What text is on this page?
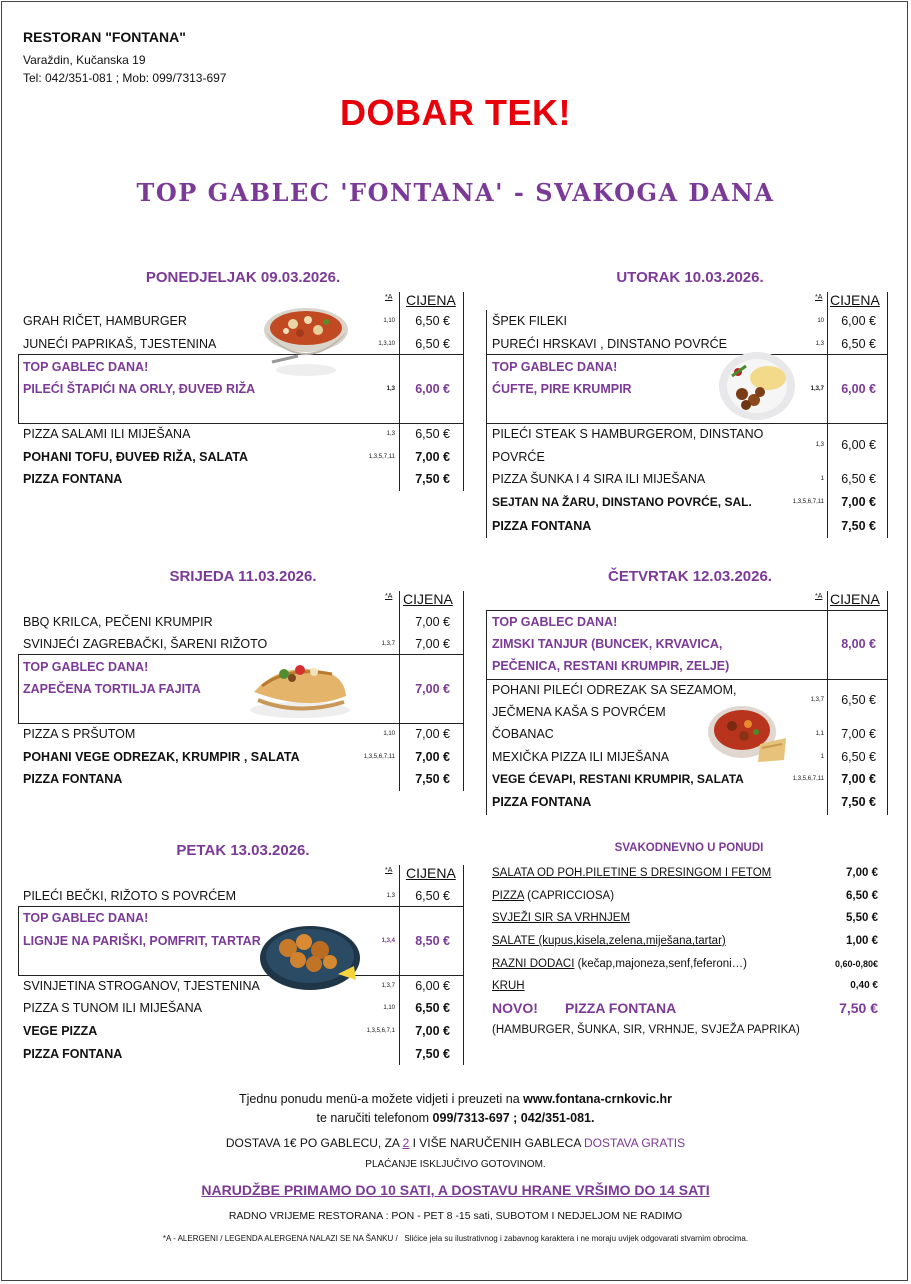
RESTORAN "FONTANA"
Varaždin, Kučanska 19
Tel: 042/351-081 ; Mob: 099/7313-697
DOBAR TEK!
TOP GABLEC 'FONTANA' - SVAKOGA DANA
PONEDJELJAK 09.03.2026.
*A CIJENA
GRAH RIČET, HAMBURGER	1,10 6,50 €
JUNEĆI PAPRIKAŠ, TJESTENINA	1,3,10 6,50 €
TOP GABLEC DANA!
PILEĆI ŠTAPIĆI NA ORLY, ĐUVEĐ RIŽA	1,3 6,00 €
PIZZA SALAMI ILI MIJEŠANA	1,3 6,50 €
POHANI TOFU, ĐUVEĐ RIŽA, SALATA	1,3,5,7,11 7,00 €
PIZZA FONTANA	7,50 €
UTORAK 10.03.2026.
*A CIJENA
ŠPEK FILEKI	10 6,00 €
PUREĆI HRSKAVI , DINSTANO POVRĆE	1,3 6,50 €
TOP GABLEC DANA!
ĆUFTE, PIRE KRUMPIR	1,3,7 6,00 €
PILEĆI STEAK S HAMBURGEROM, DINSTANO
POVRĆE
1,3 6,00 €
PIZZA ŠUNKA I 4 SIRA ILI MIJEŠANA	1 6,50 €
SEJTAN NA ŽARU, DINSTANO POVRĆE, SAL.	1,3,5,6,7,11 7,00 €
PIZZA FONTANA	7,50 €
SRIJEDA 11.03.2026.
*A CIJENA
BBQ KRILCA, PEČENI KRUMPIR	7,00 €
SVINJEĆI ZAGREBAČKI, ŠARENI RIŽOTO	1,3,7 7,00 €
TOP GABLEC DANA!
ZAPEČENA TORTILJA FAJITA	7,00 €
PIZZA S PRŠUTOM	1,10 7,00 €
POHANI VEGE ODREZAK, KRUMPIR , SALATA	1,3,5,6,7,11 7,00 €
PIZZA FONTANA	7,50 €
ČETVRTAK 12.03.2026.
*A CIJENA
TOP GABLEC DANA!
ZIMSKI TANJUR (BUNCEK, KRVAVICA,
PEČENICA, RESTANI KRUMPIR, ZELJE)
8,00 €
POHANI PILEĆI ODREZAK SA SEZAMOM,
JEČMENA KAŠA S POVRĆEM
1,3,7 6,50 €
ČOBANAC	1,1 7,00 €
MEXIČKA PIZZA ILI MIJEŠANA	1 6,50 €
VEGE ĆEVAPI, RESTANI KRUMPIR, SALATA	1,3,5,6,7,11 7,00 €
PIZZA FONTANA	7,50 €
PETAK 13.03.2026.
*A CIJENA
PILEĆI BEČKI, RIŽOTO S POVRĆEM	1,3 6,50 €
TOP GABLEC DANA!
LIGNJE NA PARIŠKI, POMFRIT, TARTAR	1,3,4 8,50 €
SVINJETINA STROGANOV, TJESTENINA	1,3,7 6,00 €
PIZZA S TUNOM ILI MIJEŠANA	1,10 6,50 €
VEGE PIZZA	1,3,5,6,7,1 7,00 €
PIZZA FONTANA	7,50 €
SVAKODNEVNO U PONUDI
SALATA OD POH.PILETINE S DRESINGOM I FETOM	7,00 €
PIZZA (CAPRICCIOSA)	6,50 €
SVJEŽI SIR SA VRHNJEM	5,50 €
SALATE (kupus,kisela,zelena,miješana,tartar)	1,00 €
RAZNI DODACI (kečap,majoneza,senf,feferoni…)	0,60-0,80€
KRUH	0,40 €
NOVO! PIZZA FONTANA	7,50 €
(HAMBURGER, ŠUNKA, SIR, VRHNJE, SVJEŽA PAPRIKA)
Tjednu ponudu menü-a možete vidjeti i preuzeti na www.fontana-crnkovic.hr
te naručiti telefonom 099/7313-697 ; 042/351-081.
DOSTAVA 1€ PO GABLECU, ZA 2 I VIŠE NARUČENIH GABLECA DOSTAVA GRATIS
PLAĆANJE ISKLJUČIVO GOTOVINOM.
NARUDŽBE PRIMAMO DO 10 SATI, A DOSTAVU HRANE VRŠIMO DO 14 SATI
RADNO VRIJEME RESTORANA : PON - PET 8 -15 sati, SUBOTOM I NEDJELJOM NE RADIMO
*A - ALERGENI / LEGENDA ALERGENA NALAZI SE NA ŠANKU / Slićice jela su ilustrativnog i zabavnog karaktera i ne moraju uvijek odgovarati stvarnim obrocima.
